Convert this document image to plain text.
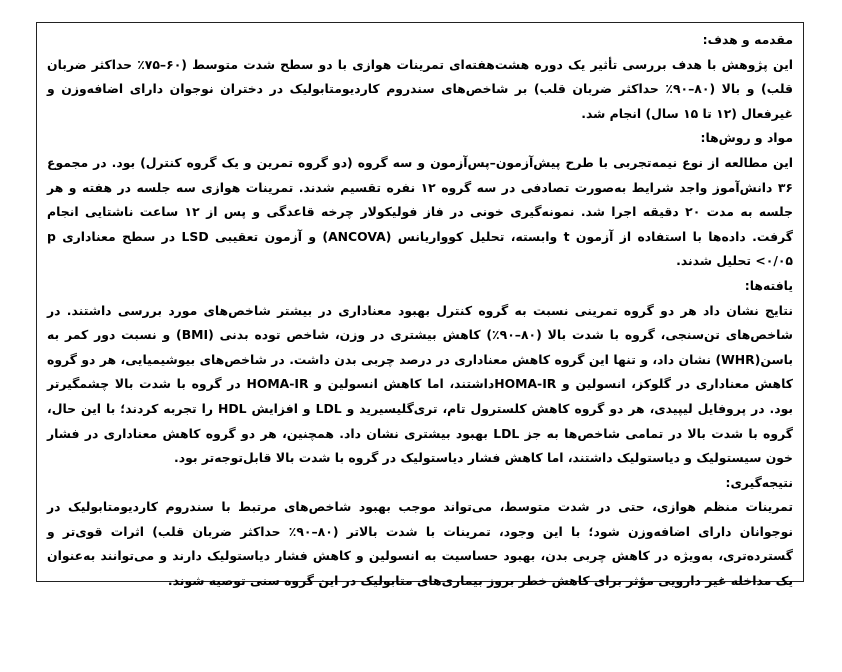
مقدمه و هدف:

این پژوهش با هدف بررسی تأثیر یک دوره هشت‌هفته‌ای تمرینات هوازی با دو سطح شدت متوسط (۶۰–۷۵٪ حداکثر ضربان قلب) و بالا (۸۰–۹۰٪ حداکثر ضربان قلب) بر شاخص‌های سندروم کاردیومتابولیک در دختران نوجوان دارای اضافه‌وزن و غیرفعال (۱۲ تا ۱۵ سال) انجام شد.

مواد و روش‌ها:

این مطالعه از نوع نیمه‌تجربی با طرح پیش‌آزمون–پس‌آزمون و سه گروه (دو گروه تمرین و یک گروه کنترل) بود. در مجموع ۳۶ دانش‌آموز واجد شرایط به‌صورت تصادفی در سه گروه ۱۲ نفره تقسیم شدند. تمرینات هوازی سه جلسه در هفته و هر جلسه به مدت ۲۰ دقیقه اجرا شد. نمونه‌گیری خونی در فاز فولیکولار چرخه قاعدگی و پس از ۱۲ ساعت ناشتایی انجام گرفت. داده‌ها با استفاده از آزمون t وابسته، تحلیل کوواریانس (ANCOVA) و آزمون تعقیبی LSD در سطح معناداری p <۰/۰۵ تحلیل شدند.

یافته‌ها:

نتایج نشان داد هر دو گروه تمرینی نسبت به گروه کنترل بهبود معناداری در بیشتر شاخص‌های مورد بررسی داشتند. در شاخص‌های تن‌سنجی، گروه با شدت بالا (۸۰–۹۰٪) کاهش بیشتری در وزن، شاخص توده بدنی (BMI) و نسبت دور کمر به باسن(WHR) نشان داد، و تنها این گروه کاهش معناداری در درصد چربی بدن داشت. در شاخص‌های بیوشیمیایی، هر دو گروه کاهش معناداری در گلوکز، انسولین و HOMA-IRداشتند، اما کاهش انسولین و HOMA-IR در گروه با شدت بالا چشمگیرتر بود. در پروفایل لیپیدی، هر دو گروه کاهش کلسترول تام، تری‌گلیسیرید و LDL و افزایش HDL را تجربه کردند؛ با این حال، گروه با شدت بالا در تمامی شاخص‌ها به جز LDL بهبود بیشتری نشان داد. همچنین، هر دو گروه کاهش معناداری در فشار خون سیستولیک و دیاستولیک داشتند، اما کاهش فشار دیاستولیک در گروه با شدت بالا قابل‌توجه‌تر بود.

نتیجه‌گیری:

تمرینات منظم هوازی، حتی در شدت متوسط، می‌تواند موجب بهبود شاخص‌های مرتبط با سندروم کاردیومتابولیک در نوجوانان دارای اضافه‌وزن شود؛ با این وجود، تمرینات با شدت بالاتر (۸۰–۹۰٪ حداکثر ضربان قلب) اثرات قوی‌تر و گسترده‌تری، به‌ویژه در کاهش چربی بدن، بهبود حساسیت به انسولین و کاهش فشار دیاستولیک دارند و می‌توانند به‌عنوان یک مداخله غیر دارویی مؤثر برای کاهش خطر بروز بیماری‌های متابولیک در این گروه سنی توصیه شوند.
